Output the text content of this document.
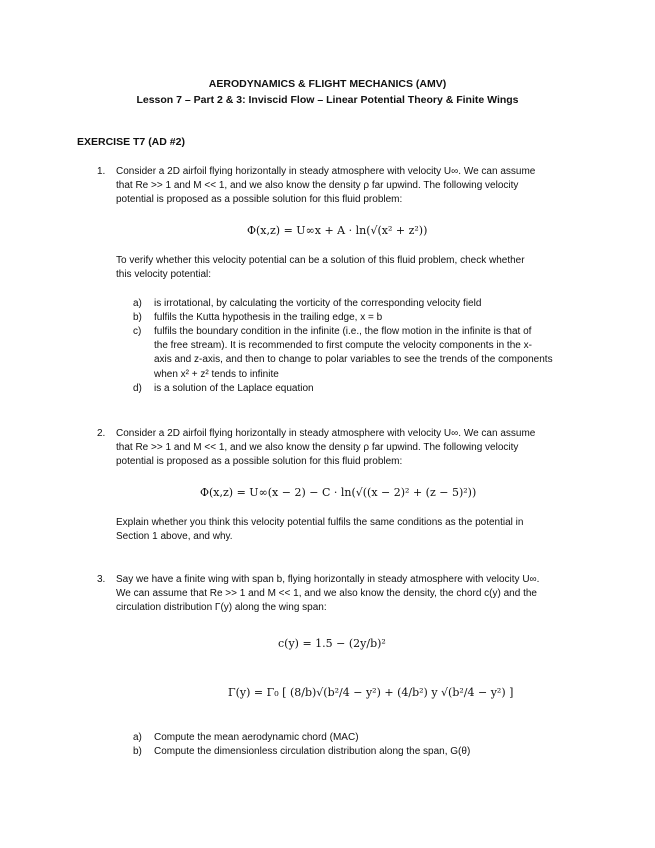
AERODYNAMICS & FLIGHT MECHANICS (AMV)
Lesson 7 – Part 2 & 3: Inviscid Flow – Linear Potential Theory & Finite Wings
EXERCISE T7 (AD #2)
1. Consider a 2D airfoil flying horizontally in steady atmosphere with velocity U∞. We can assume
that Re >> 1 and M << 1, and we also know the density ρ far upwind. The following velocity
potential is proposed as a possible solution for this fluid problem:
Φ(x,z) = U∞x + A · ln(√(x² + z²))
To verify whether this velocity potential can be a solution of this fluid problem, check whether
this velocity potential:
a) is irrotational, by calculating the vorticity of the corresponding velocity field
b) fulfils the Kutta hypothesis in the trailing edge, x = b
c) fulfils the boundary condition in the infinite (i.e., the flow motion in the infinite is that of
the free stream). It is recommended to first compute the velocity components in the x-
axis and z-axis, and then to change to polar variables to see the trends of the components
when x² + z² tends to infinite
d) is a solution of the Laplace equation
2. Consider a 2D airfoil flying horizontally in steady atmosphere with velocity U∞. We can assume
that Re >> 1 and M << 1, and we also know the density ρ far upwind. The following velocity
potential is proposed as a possible solution for this fluid problem:
Φ(x,z) = U∞(x − 2) − C · ln(√((x − 2)² + (z − 5)²))
Explain whether you think this velocity potential fulfils the same conditions as the potential in
Section 1 above, and why.
3. Say we have a finite wing with span b, flying horizontally in steady atmosphere with velocity U∞.
We can assume that Re >> 1 and M << 1, and we also know the density, the chord c(y) and the
circulation distribution Γ(y) along the wing span:
c(y) = 1.5 − (2y/b)²
Γ(y) = Γ₀ [ (8/b)√(b²/4 − y²) + (4/b²) y √(b²/4 − y²) ]
a) Compute the mean aerodynamic chord (MAC)
b) Compute the dimensionless circulation distribution along the span, G(θ)
